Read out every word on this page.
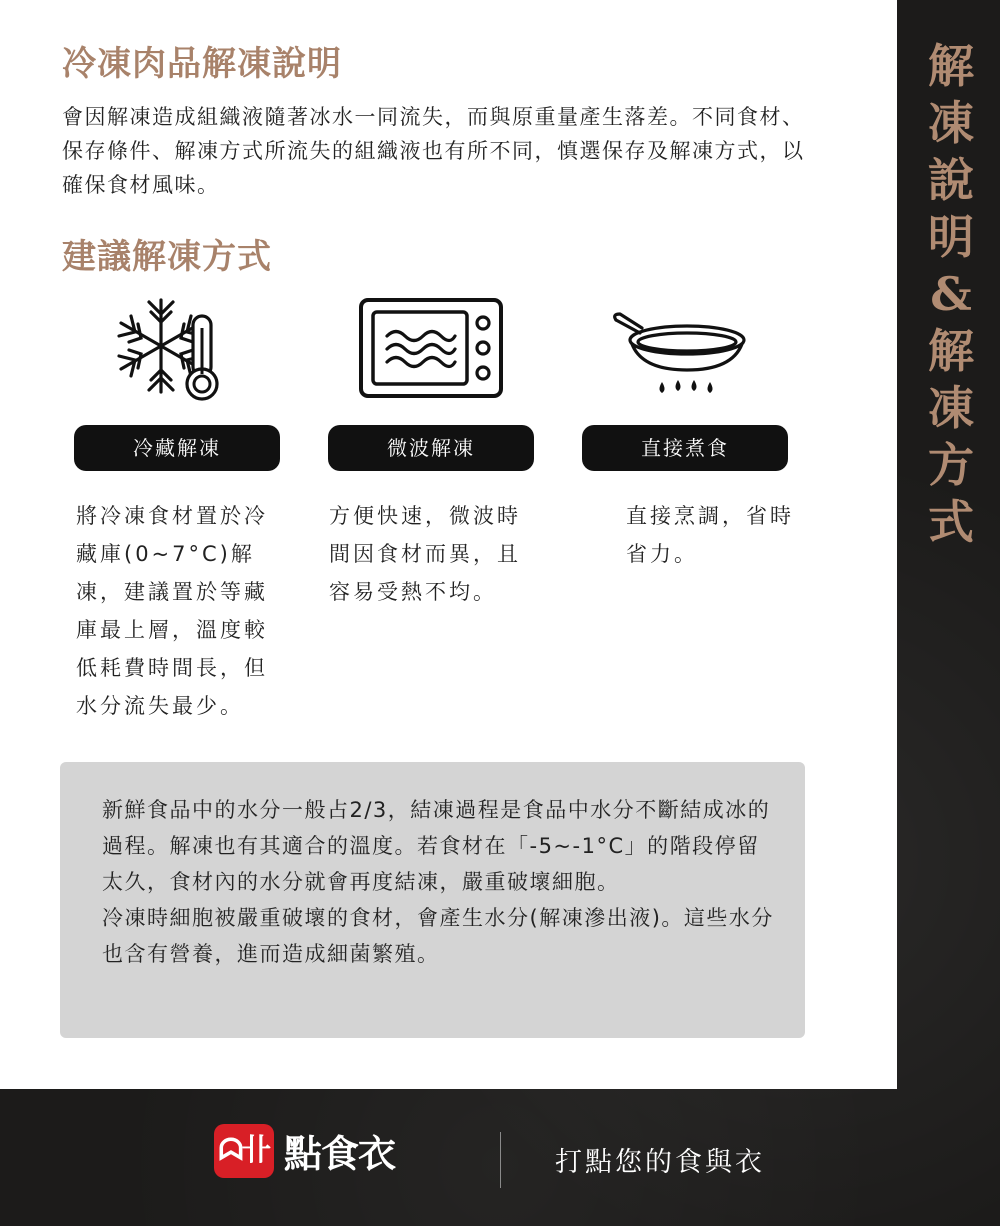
解凍說明&解凍方式
冷凍肉品解凍說明

會因解凍造成組織液隨著冰水一同流失，而與原重量產生落差。不同食材、保存條件、解凍方式所流失的組織液也有所不同，慎選保存及解凍方式，以確保食材風味。

建議解凍方式
冷藏解凍	微波解凍	直接煮食

將冷凍食材置於冷藏庫(0~7°C)解凍，建議置於等藏庫最上層，溫度較低耗費時間長，但水分流失最少。

方便快速，微波時間因食材而異，且容易受熱不均。

直接烹調，省時省力。

新鮮食品中的水分一般占2/3，結凍過程是食品中水分不斷結成冰的過程。解凍也有其適合的溫度。若食材在「-5~-1°C」的階段停留太久，食材內的水分就會再度結凍，嚴重破壞細胞。

冷凍時細胞被嚴重破壞的食材，會產生水分(解凍滲出液)。這些水分也含有營養，進而造成細菌繁殖。

ᗣ卝 點食衣	打點您的食與衣
